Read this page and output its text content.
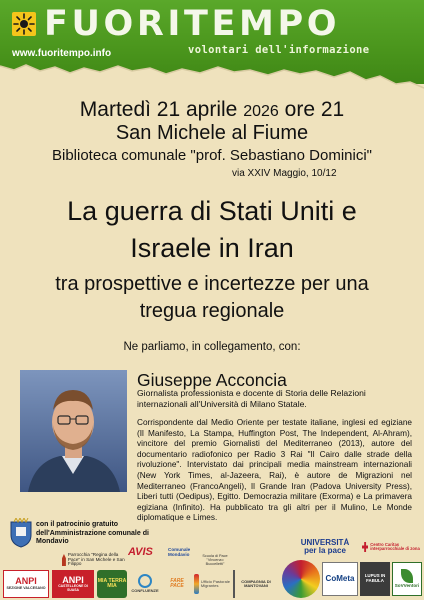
FUORITEMPO
www.fuoritempo.info	volontari dell'informazione
Martedì 21 aprile 2026 ore 21
San Michele al Fiume
Biblioteca comunale "prof. Sebastiano Dominici"
via XXIV Maggio, 10/12
La guerra di Stati Uniti e
Israele in Iran
tra prospettive e incertezze per una
tregua regionale
Ne parliamo, in collegamento, con:
Giuseppe Acconcia
Giornalista professionista e docente di Storia delle Relazioni internazionali all'Università di Milano Statale.
Corrispondente dal Medio Oriente per testate italiane, inglesi ed egiziane (Il Manifesto, La Stampa, Huffington Post, The Independent, Al-Ahram), vincitore del premio Giornalisti del Mediterraneo (2013), autore del documentario radiofonico per Radio 3 Rai "Il Cairo dalle strade della rivoluzione". Intervistato dai principali media mainstream internazionali (New York Times, al-Jazeera, Rai), è autore de Migrazioni nel Mediterraneo (FrancoAngeli), Il Grande Iran (Padova University Press), Liberi tutti (Oedipus), Egitto. Democrazia militare (Exorma) e La primavera egiziana (Infinito). Ha pubblicato tra gli altri per il Mulino, Le Monde diplomatique e Limes.
con il patrocinio gratuito dell'Amministrazione comunale di Mondavio
Parrocchia "Regina della Pace" in San Michele e San Filippo
AVIS	Comunale Mondavio	Scuola di Pace "Vincenzo Buccelletti"
UNIVERSITÀ per la pace
Centro Caritas interparrocchiale di zona
ANPI
SEZIONE VALCESANO
ANPI
CASTELLEONE DI SUASA
MIA TERRA MIA
CONFLUENZE
FARE PACE
Ufficio Pastorale Migrantes
COMPAGNIA DI MANTOVANI
CoMeta	LUPUS IN FABULA
SoVVentori
